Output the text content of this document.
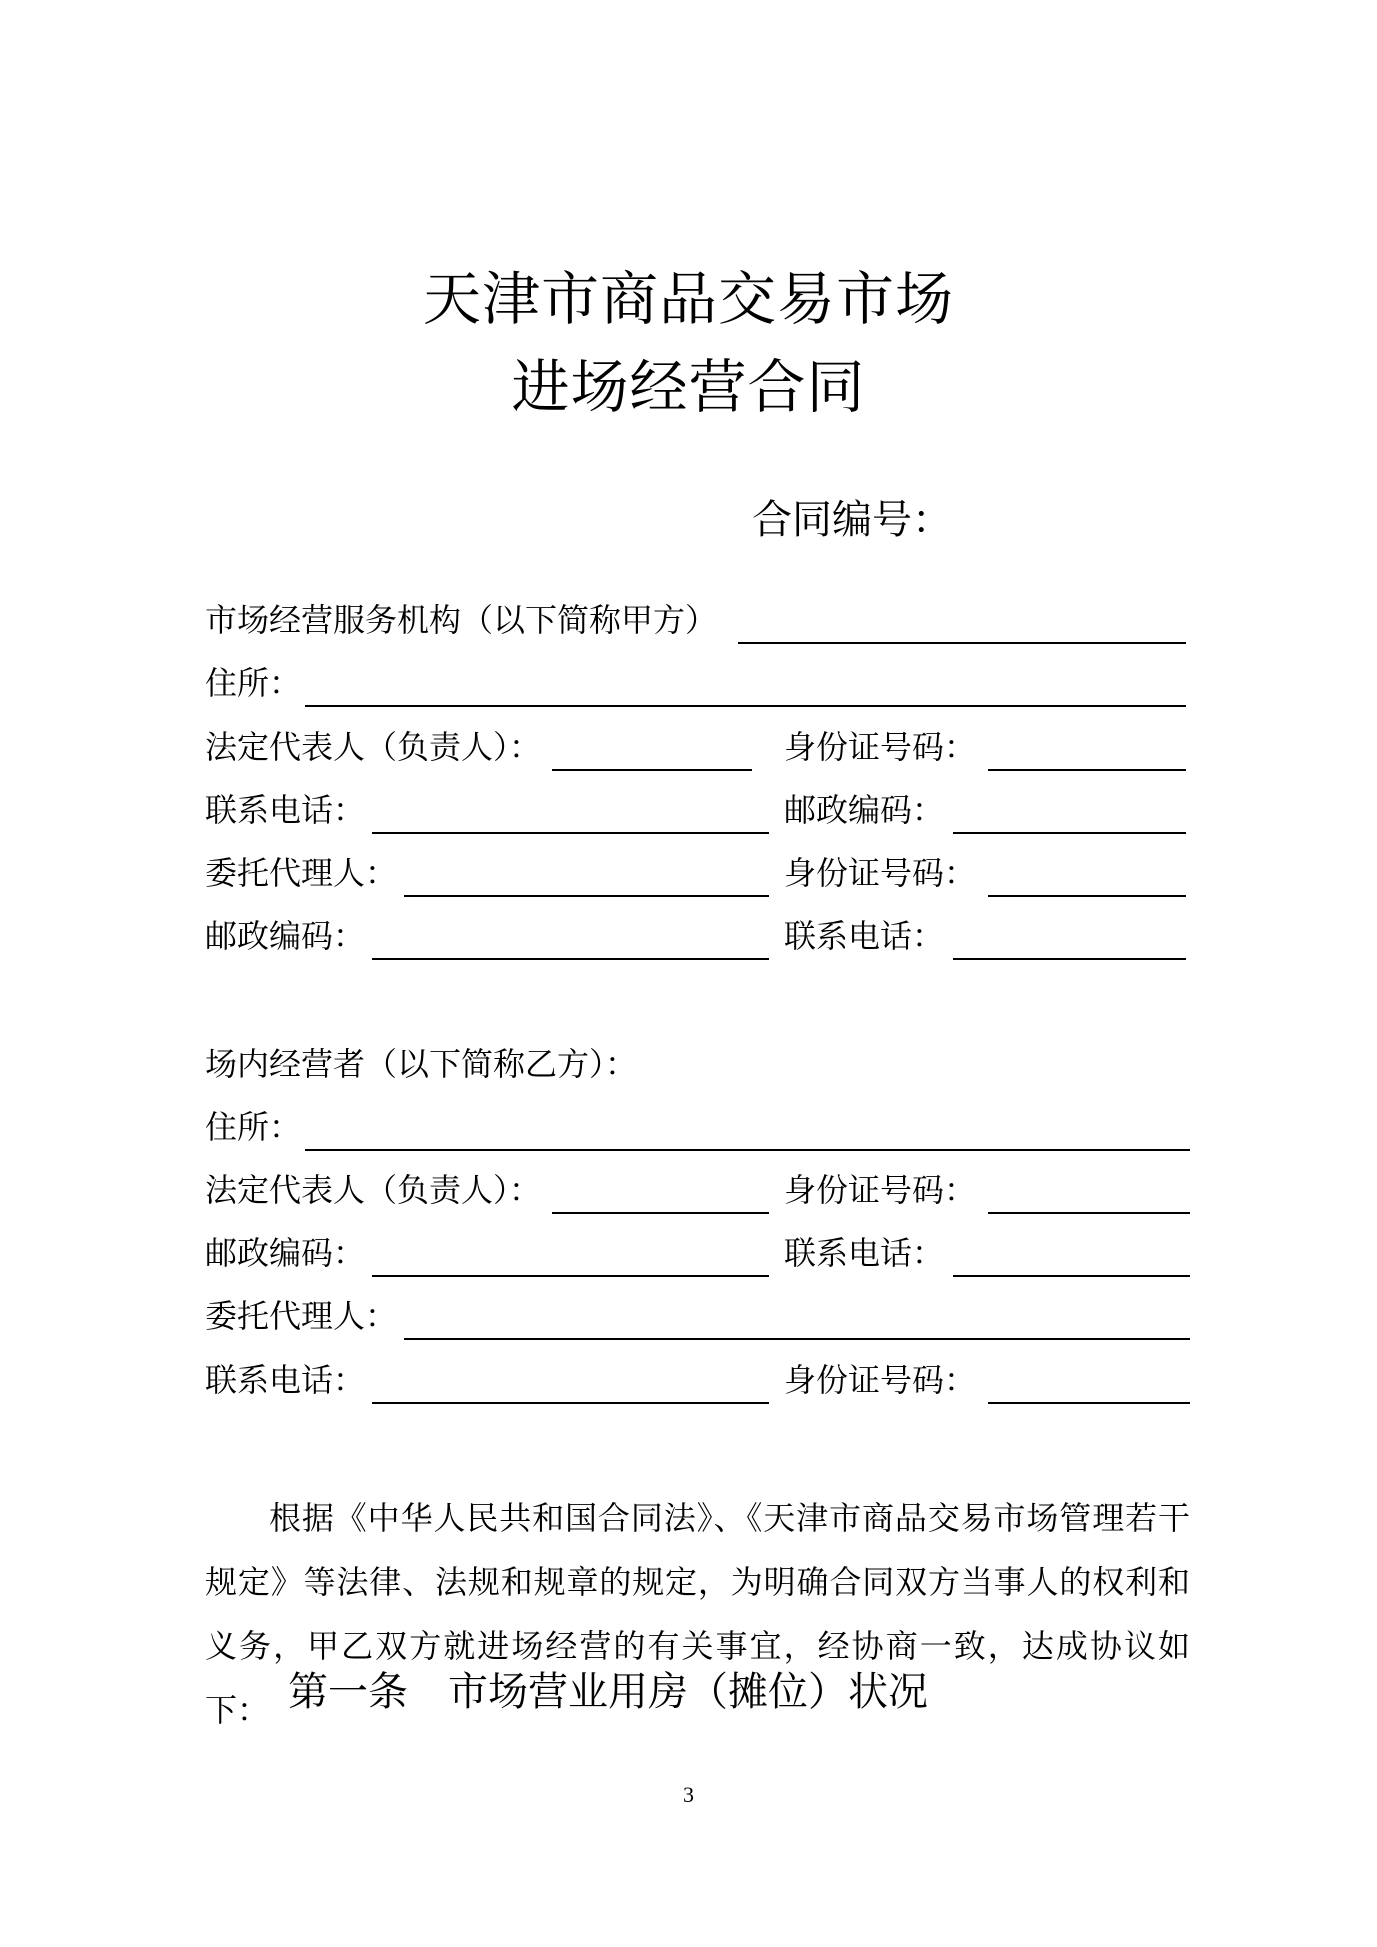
天津市商品交易市场
进场经营合同
合同编号：
市场经营服务机构（以下简称甲方）
住所：
法定代表人（负责人）：	身份证号码：
联系电话：	邮政编码：
委托代理人：	身份证号码：
邮政编码：	联系电话：
场内经营者（以下简称乙方）：
住所：
法定代表人（负责人）：	身份证号码：
邮政编码：	联系电话：
委托代理人：
联系电话：	身份证号码：

根据《中华人民共和国合同法》、《天津市商品交易市场管理若干规定》等法律、法规和规章的规定，为明确合同双方当事人的权利和义务，甲乙双方就进场经营的有关事宜，经协商一致，达成协议如下： 第一条　市场营业用房（摊位）状况
3
